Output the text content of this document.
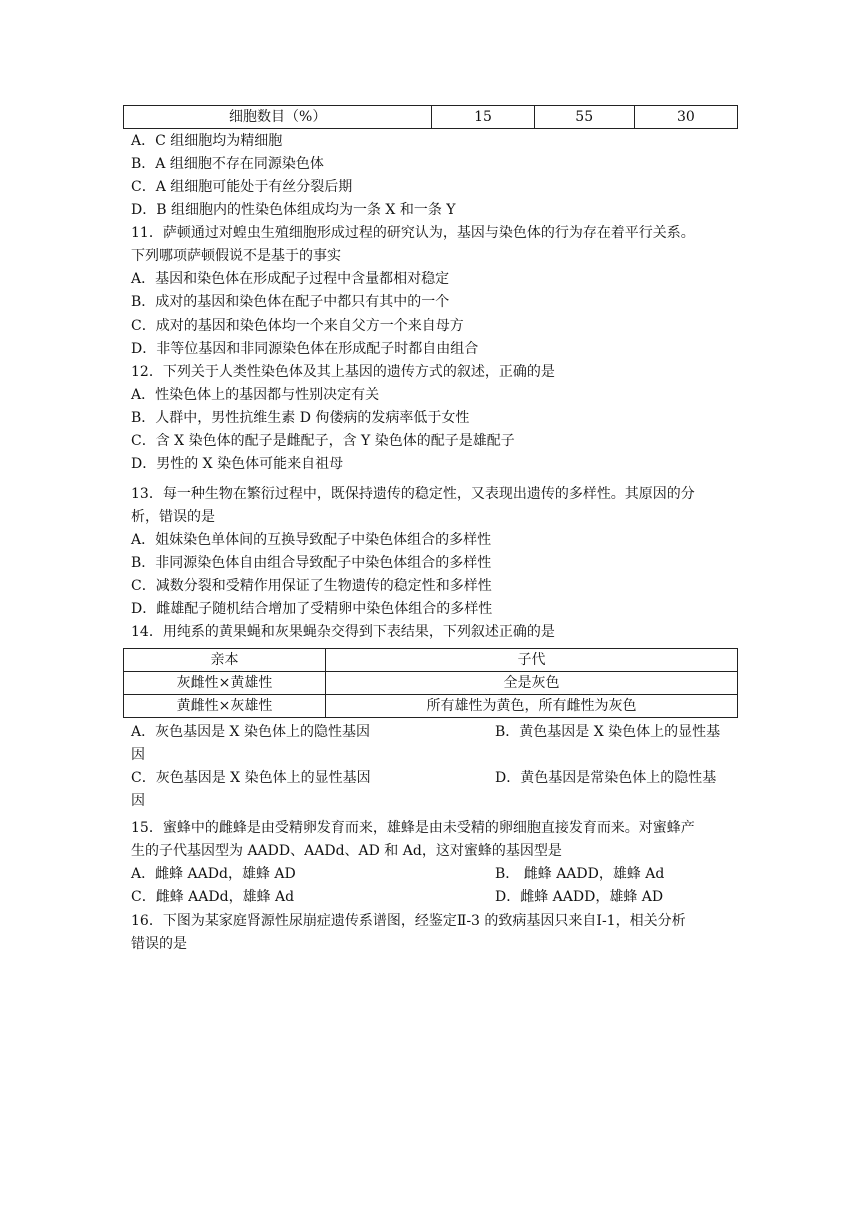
细胞数目（%）	15	55	30
A．C 组细胞均为精细胞
B．A 组细胞不存在同源染色体
C．A 组细胞可能处于有丝分裂后期
D．B 组细胞内的性染色体组成均为一条 X 和一条 Y
11．萨顿通过对蝗虫生殖细胞形成过程的研究认为，基因与染色体的行为存在着平行关系。
下列哪项萨顿假说不是基于的事实
A．基因和染色体在形成配子过程中含量都相对稳定
B．成对的基因和染色体在配子中都只有其中的一个
C．成对的基因和染色体均一个来自父方一个来自母方
D．非等位基因和非同源染色体在形成配子时都自由组合
12．下列关于人类性染色体及其上基因的遗传方式的叙述，正确的是
A．性染色体上的基因都与性别决定有关
B．人群中，男性抗维生素 D 佝偻病的发病率低于女性
C．含 X 染色体的配子是雌配子，含 Y 染色体的配子是雄配子
D．男性的 X 染色体可能来自祖母
13．每一种生物在繁衍过程中，既保持遗传的稳定性，又表现出遗传的多样性。其原因的分
析，错误的是
A．姐妹染色单体间的互换导致配子中染色体组合的多样性
B．非同源染色体自由组合导致配子中染色体组合的多样性
C．减数分裂和受精作用保证了生物遗传的稳定性和多样性
D．雌雄配子随机结合增加了受精卵中染色体组合的多样性
14．用纯系的黄果蝇和灰果蝇杂交得到下表结果，下列叙述正确的是
亲本	子代
灰雌性×黄雄性	全是灰色
黄雌性×灰雄性	所有雄性为黄色，所有雌性为灰色
A．灰色基因是 X 染色体上的隐性基因	B．黄色基因是 X 染色体上的显性基
因
C．灰色基因是 X 染色体上的显性基因	D．黄色基因是常染色体上的隐性基
因
15．蜜蜂中的雌蜂是由受精卵发育而来，雄蜂是由未受精的卵细胞直接发育而来。对蜜蜂产
生的子代基因型为 AADD、AADd、AD 和 Ad，这对蜜蜂的基因型是
A．雌蜂 AADd，雄蜂 AD	B． 雌蜂 AADD，雄蜂 Ad
C．雌蜂 AADd，雄蜂 Ad	D．雌蜂 AADD，雄蜂 AD
16．下图为某家庭肾源性尿崩症遗传系谱图，经鉴定Ⅱ-3 的致病基因只来自Ⅰ-1，相关分析
错误的是
